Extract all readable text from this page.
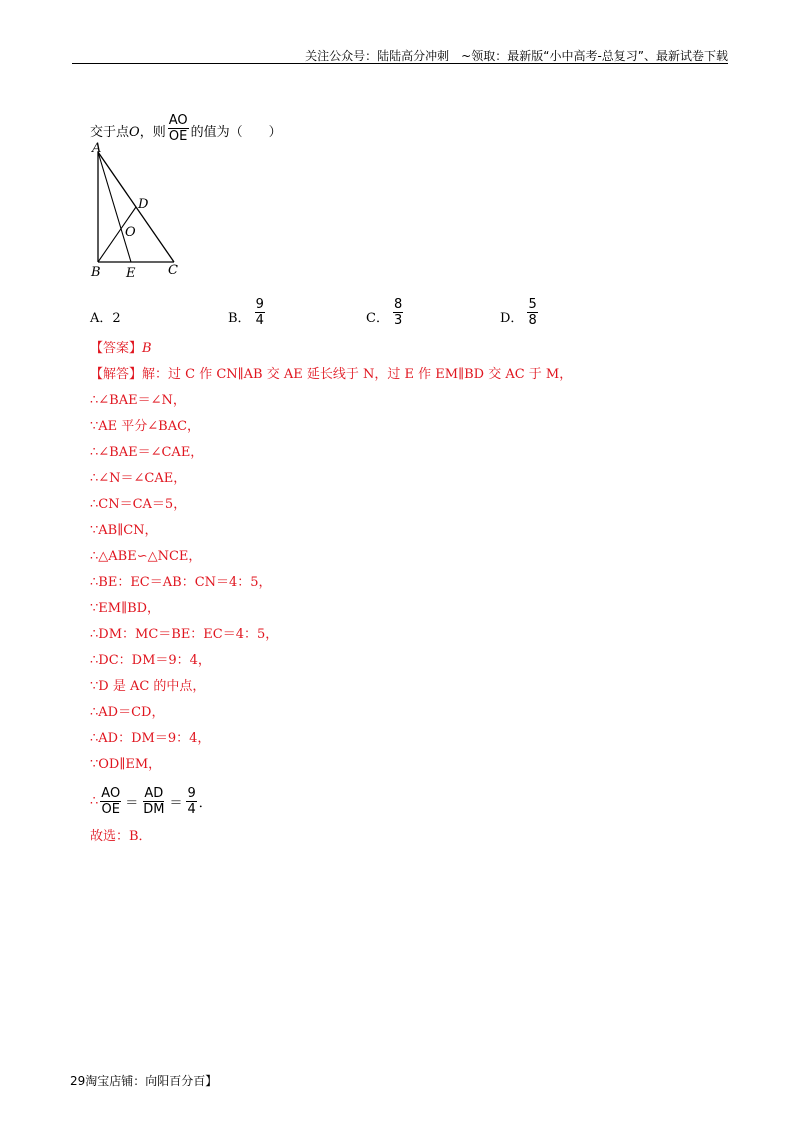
关注公众号：陆陆高分冲刺　~领取：最新版“小中高考-总复习”、最新试卷下载
交于点 O ，则 $\frac{AO}{OE}$ 的值为（　　）
A
B E	C
D
O
A．2	B． $\frac{9}{4}$	C． $\frac{8}{3}$	D． $\frac{5}{8}$
【答案】B
【解答】解：过 C 作 CN∥AB 交 AE 延长线于 N，过 E 作 EM∥BD 交 AC 于 M，
∴∠BAE＝∠N，
∵AE 平分∠BAC，
∴∠BAE＝∠CAE，
∴∠N＝∠CAE，
∴CN＝CA＝5，
∵AB∥CN，
∴△ABE∽△NCE，
∴BE：EC＝AB：CN＝4：5，
∵EM∥BD，
∴DM：MC＝BE：EC＝4：5，
∴DC：DM＝9：4，
∵D 是 AC 的中点，
∴AD＝CD，
∴AD：DM＝9：4，
∵OD∥EM，
∴ $\frac{AO}{OE} = \frac{AD}{DM} = \frac{9}{4}$ ．
故选：B．
29淘宝店铺：向阳百分百】
